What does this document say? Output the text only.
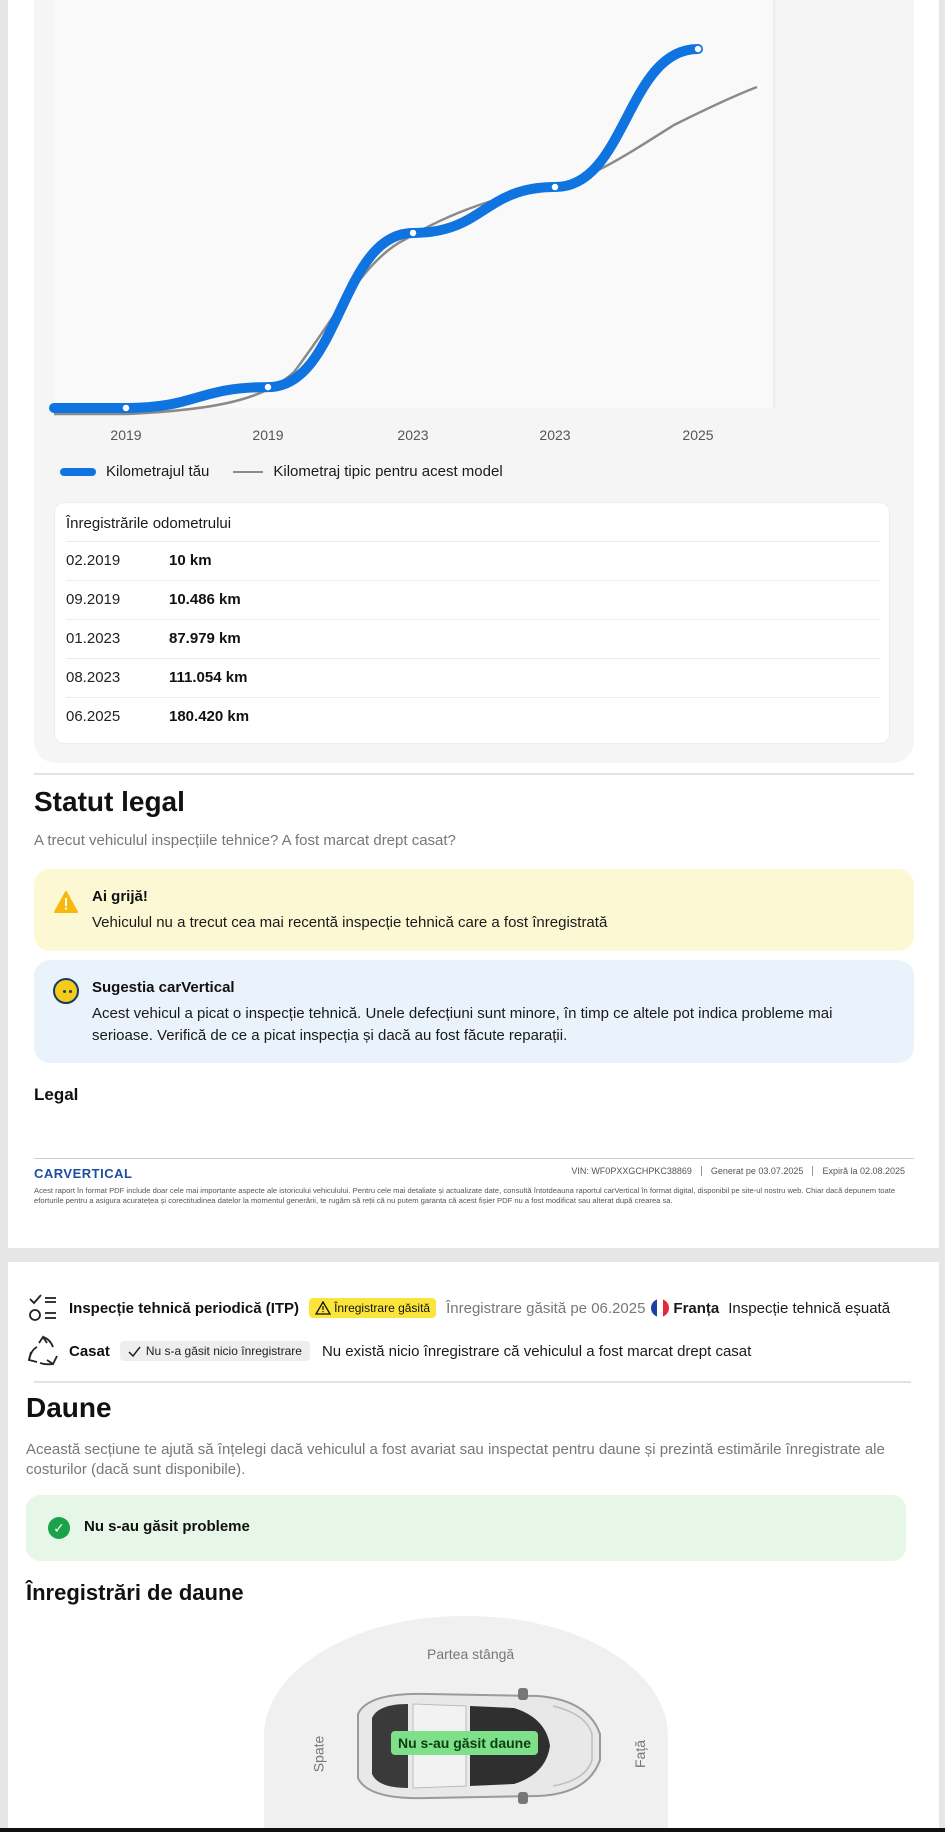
2019	2019	2023	2023	2025
Kilometrajul tău	Kilometraj tipic pentru acest model
Înregistrările odometrului
02.2019	10 km
09.2019	10.486 km
01.2023	87.979 km
08.2023	111.054 km
06.2025	180.420 km
Statut legal
A trecut vehiculul inspecțiile tehnice? A fost marcat drept casat?
Ai grijă!
Vehiculul nu a trecut cea mai recentă inspecție tehnică care a fost înregistrată
Sugestia carVertical
Acest vehicul a picat o inspecție tehnică. Unele defecțiuni sunt minore, în timp ce altele pot indica probleme mai serioase. Verifică de ce a picat inspecția și dacă au fost făcute reparații.
Legal
CARVERTICAL	VIN: WF0PXXGCHPKC38869	Generat pe 03.07.2025	Expiră la 02.08.2025
Acest raport în format PDF include doar cele mai importante aspecte ale istoricului vehiculului. Pentru cele mai detaliate și actualizate date, consultă întotdeauna raportul carVertical în format digital, disponibil pe site-ul nostru web. Chiar dacă depunem toate eforturile pentru a asigura acuratețea și corectitudinea datelor la momentul generării, te rugăm să reții că nu putem garanta că acest fișier PDF nu a fost modificat sau alterat după crearea sa.
Inspecție tehnică periodică (ITP)	Înregistrare găsită Înregistrare găsită pe 06.2025 Franța Inspecție tehnică eșuată
Casat	Nu s-a găsit nicio înregistrare Nu există nicio înregistrare că vehiculul a fost marcat drept casat
Daune
Această secțiune te ajută să înțelegi dacă vehiculul a fost avariat sau inspectat pentru daune și prezintă estimările înregistrate ale costurilor (dacă sunt disponibile).
✓	Nu s-au găsit probleme
Înregistrări de daune
Partea stângă
Spate	Față
Nu s-au găsit daune
